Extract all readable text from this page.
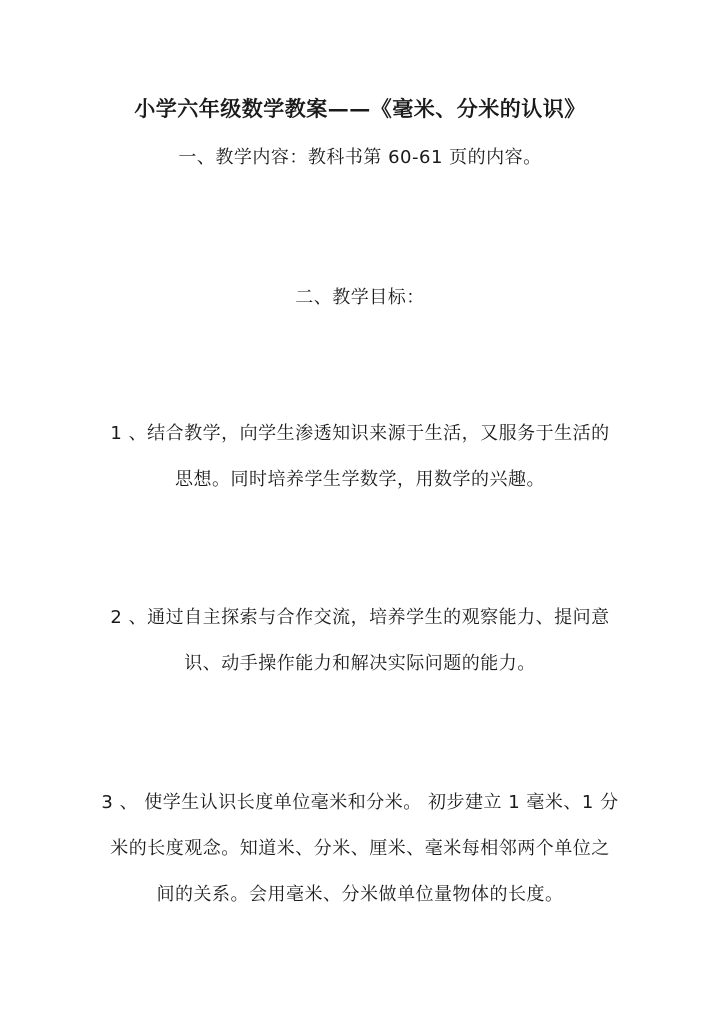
小学六年级数学教案——《毫米、分米的认识》
一、教学内容：教科书第 60-61 页的内容。
二、教学目标：
1 、结合教学，向学生渗透知识来源于生活，又服务于生活的
思想。同时培养学生学数学，用数学的兴趣。
2 、通过自主探索与合作交流，培养学生的观察能力、提问意
识、动手操作能力和解决实际问题的能力。
3 、 使学生认识长度单位毫米和分米。 初步建立 1 毫米、1 分
米的长度观念。知道米、分米、厘米、毫米每相邻两个单位之
间的关系。会用毫米、分米做单位量物体的长度。
